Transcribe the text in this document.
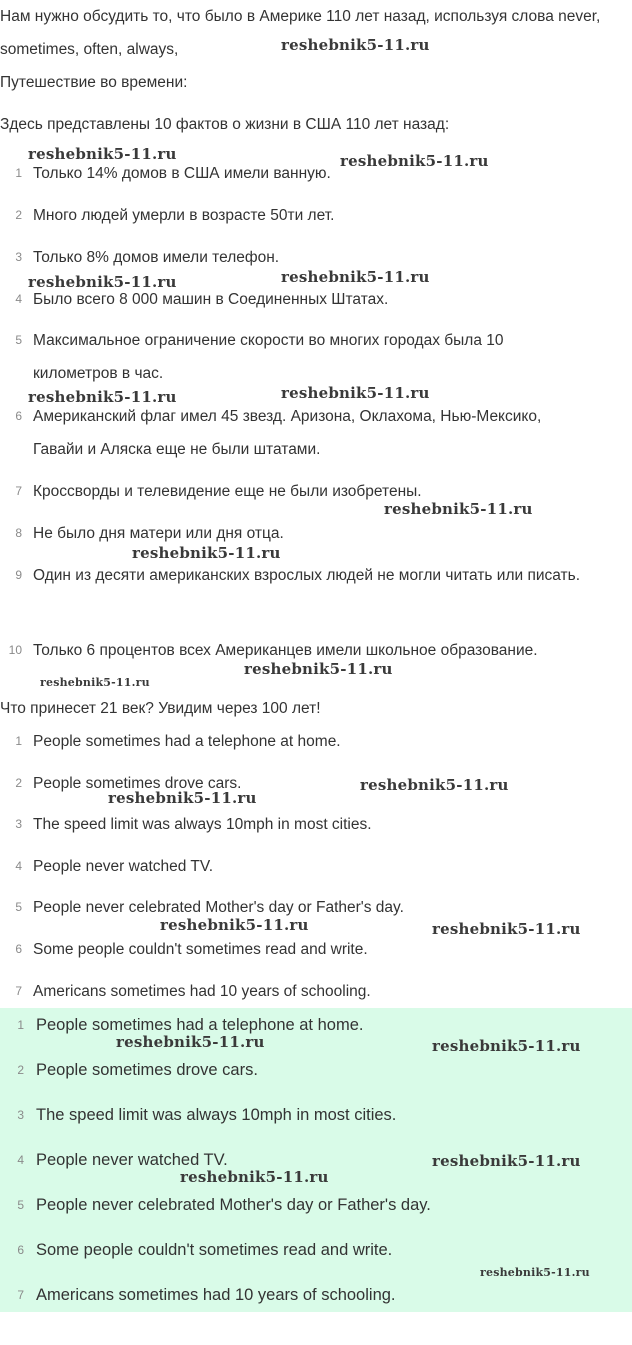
Нам нужно обсудить то, что было в Америке 110 лет назад, используя слова never, sometimes, often, always,

Путешествие во времени:

Здесь представлены 10 фактов о жизни в США 110 лет назад:

1 Только 14% домов в США имели ванную.
2 Много людей умерли в возрасте 50ти лет.
3 Только 8% домов имели телефон.
4 Было всего 8 000 машин в Соединенных Штатах.
5 Максимальное ограничение скорости во многих городах была 10 километров в час.
6 Американский флаг имел 45 звезд. Аризона, Оклахома, Нью-Мексико, Гавайи и Аляска еще не были штатами.
7 Кроссворды и телевидение еще не были изобретены.
8 Не было дня матери или дня отца.
9 Один из десяти американских взрослых людей не могли читать или писать.
10 Только 6 процентов всех Американцев имели школьное образование.

Что принесет 21 век? Увидим через 100 лет!

1 People sometimes had a telephone at home.
2 People sometimes drove cars.
3 The speed limit was always 10mph in most cities.
4 People never watched TV.
5 People never celebrated Mother's day or Father's day.
6 Some people couldn't sometimes read and write.
7 Americans sometimes had 10 years of schooling.
1 People sometimes had a telephone at home.
2 People sometimes drove cars.
3 The speed limit was always 10mph in most cities.
4 People never watched TV.
5 People never celebrated Mother's day or Father's day.
6 Some people couldn't sometimes read and write.
7 Americans sometimes had 10 years of schooling.
reshebnik5-11.ru
reshebnik5-11.ru	reshebnik5-11.ru
reshebnik5-11.ru	reshebnik5-11.ru
reshebnik5-11.ru	reshebnik5-11.ru
reshebnik5-11.ru
reshebnik5-11.ru
reshebnik5-11.ru
reshebnik5-11.ru
reshebnik5-11.ru
reshebnik5-11.ru
reshebnik5-11.ru	reshebnik5-11.ru
reshebnik5-11.ru	reshebnik5-11.ru
reshebnik5-11.ru
reshebnik5-11.ru
reshebnik5-11.ru
